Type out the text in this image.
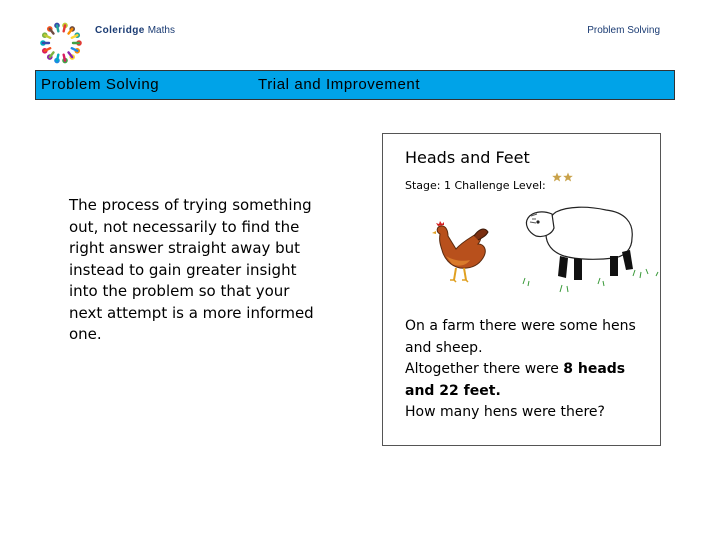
Coleridge Maths	Problem Solving
Problem Solving	Trial and Improvement
The process of trying something out, not necessarily to find the right answer straight away but instead to gain greater insight into the problem so that your next attempt is a more informed one.
Heads and Feet
Stage: 1 Challenge Level:
On a farm there were some hens and sheep.
Altogether there were 8 heads and 22 feet.
How many hens were there?
